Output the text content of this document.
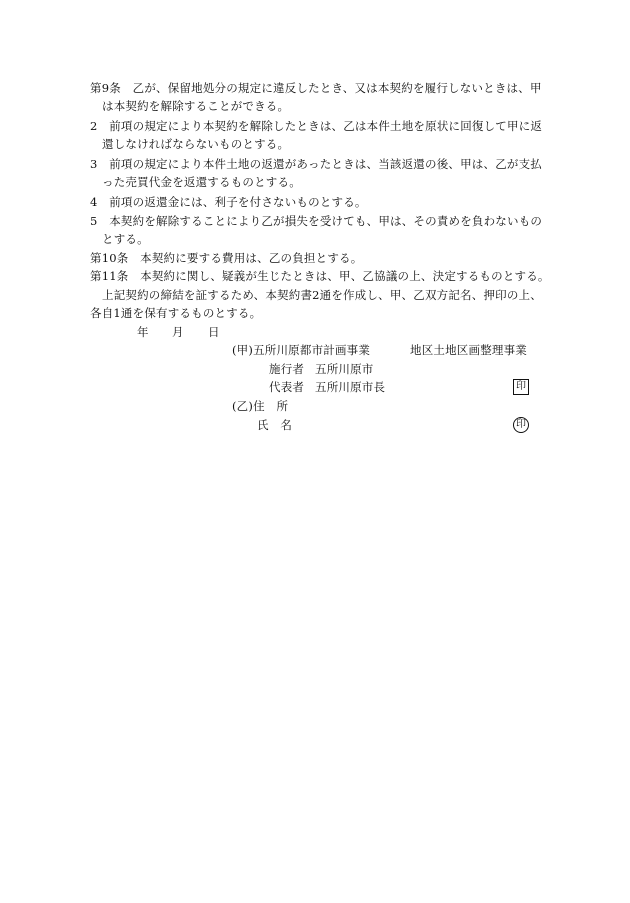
第9条　乙が、保留地処分の規定に違反したとき、又は本契約を履行しないときは、甲
は本契約を解除することができる。
2　前項の規定により本契約を解除したときは、乙は本件土地を原状に回復して甲に返
還しなければならないものとする。
3　前項の規定により本件土地の返還があったときは、当該返還の後、甲は、乙が支払
った売買代金を返還するものとする。
4　前項の返還金には、利子を付さないものとする。
5　本契約を解除することにより乙が損失を受けても、甲は、その責めを負わないもの
とする。
第10条　本契約に要する費用は、乙の負担とする。
第11条　本契約に関し、疑義が生じたときは、甲、乙協議の上、決定するものとする。
上記契約の締結を証するため、本契約書2通を作成し、甲、乙双方記名、押印の上、
各自1通を保有するものとする。
年 月 日
(甲)五所川原都市計画事業	地区土地区画整理事業
施行者 五所川原市
代表者 五所川原市長	印
(乙)住　所
氏　名	印
